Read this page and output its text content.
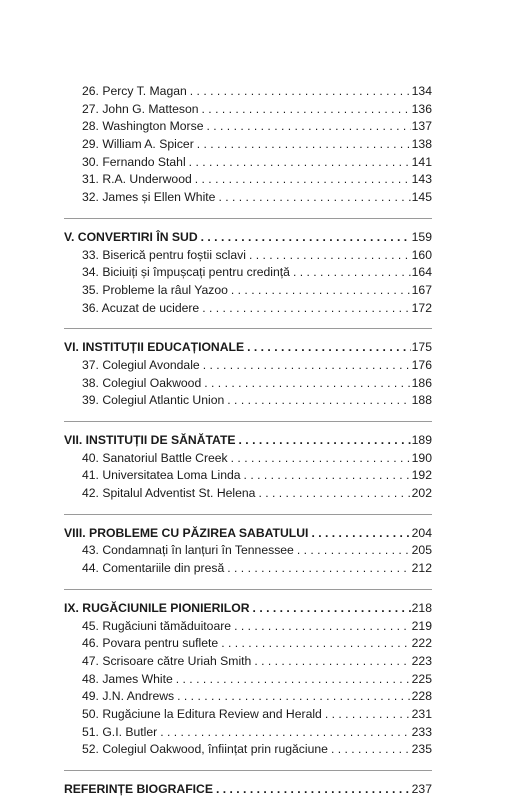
26. Percy T. Magan . . .	134
27. John G. Matteson . . .	136
28. Washington Morse . . .	137
29. William A. Spicer . . .	138
30. Fernando Stahl . . .	141
31. R.A. Underwood . . .	143
32. James și Ellen White . . .	145
V. CONVERTIRI ÎN SUD . . .	159
33. Biserică pentru foștii sclavi . . .	160
34. Biciuiți și împușcați pentru credință . . .	164
35. Probleme la râul Yazoo . . .	167
36. Acuzat de ucidere . . .	172
VI. INSTITUȚII EDUCAȚIONALE . . .	175
37. Colegiul Avondale . . .	176
38. Colegiul Oakwood . . .	186
39. Colegiul Atlantic Union . . .	188
VII. INSTITUȚII DE SĂNĂTATE . . .	189
40. Sanatoriul Battle Creek . . .	190
41. Universitatea Loma Linda . . .	192
42. Spitalul Adventist St. Helena . . .	202
VIII. PROBLEME CU PĂZIREA SABATULUI . . .	204
43. Condamnați în lanțuri în Tennessee . . .	205
44. Comentariile din presă . . .	212
IX. RUGĂCIUNILE PIONIERILOR . . .	218
45. Rugăciuni tămăduitoare . . .	219
46. Povara pentru suflete . . .	222
47. Scrisoare către Uriah Smith . . .	223
48. James White . . .	225
49. J.N. Andrews . . .	228
50. Rugăciune la Editura Review and Herald . . .	231
51. G.I. Butler . . .	233
52. Colegiul Oakwood, înființat prin rugăciune . . .	235
REFERINȚE BIOGRAFICE . . .	237
